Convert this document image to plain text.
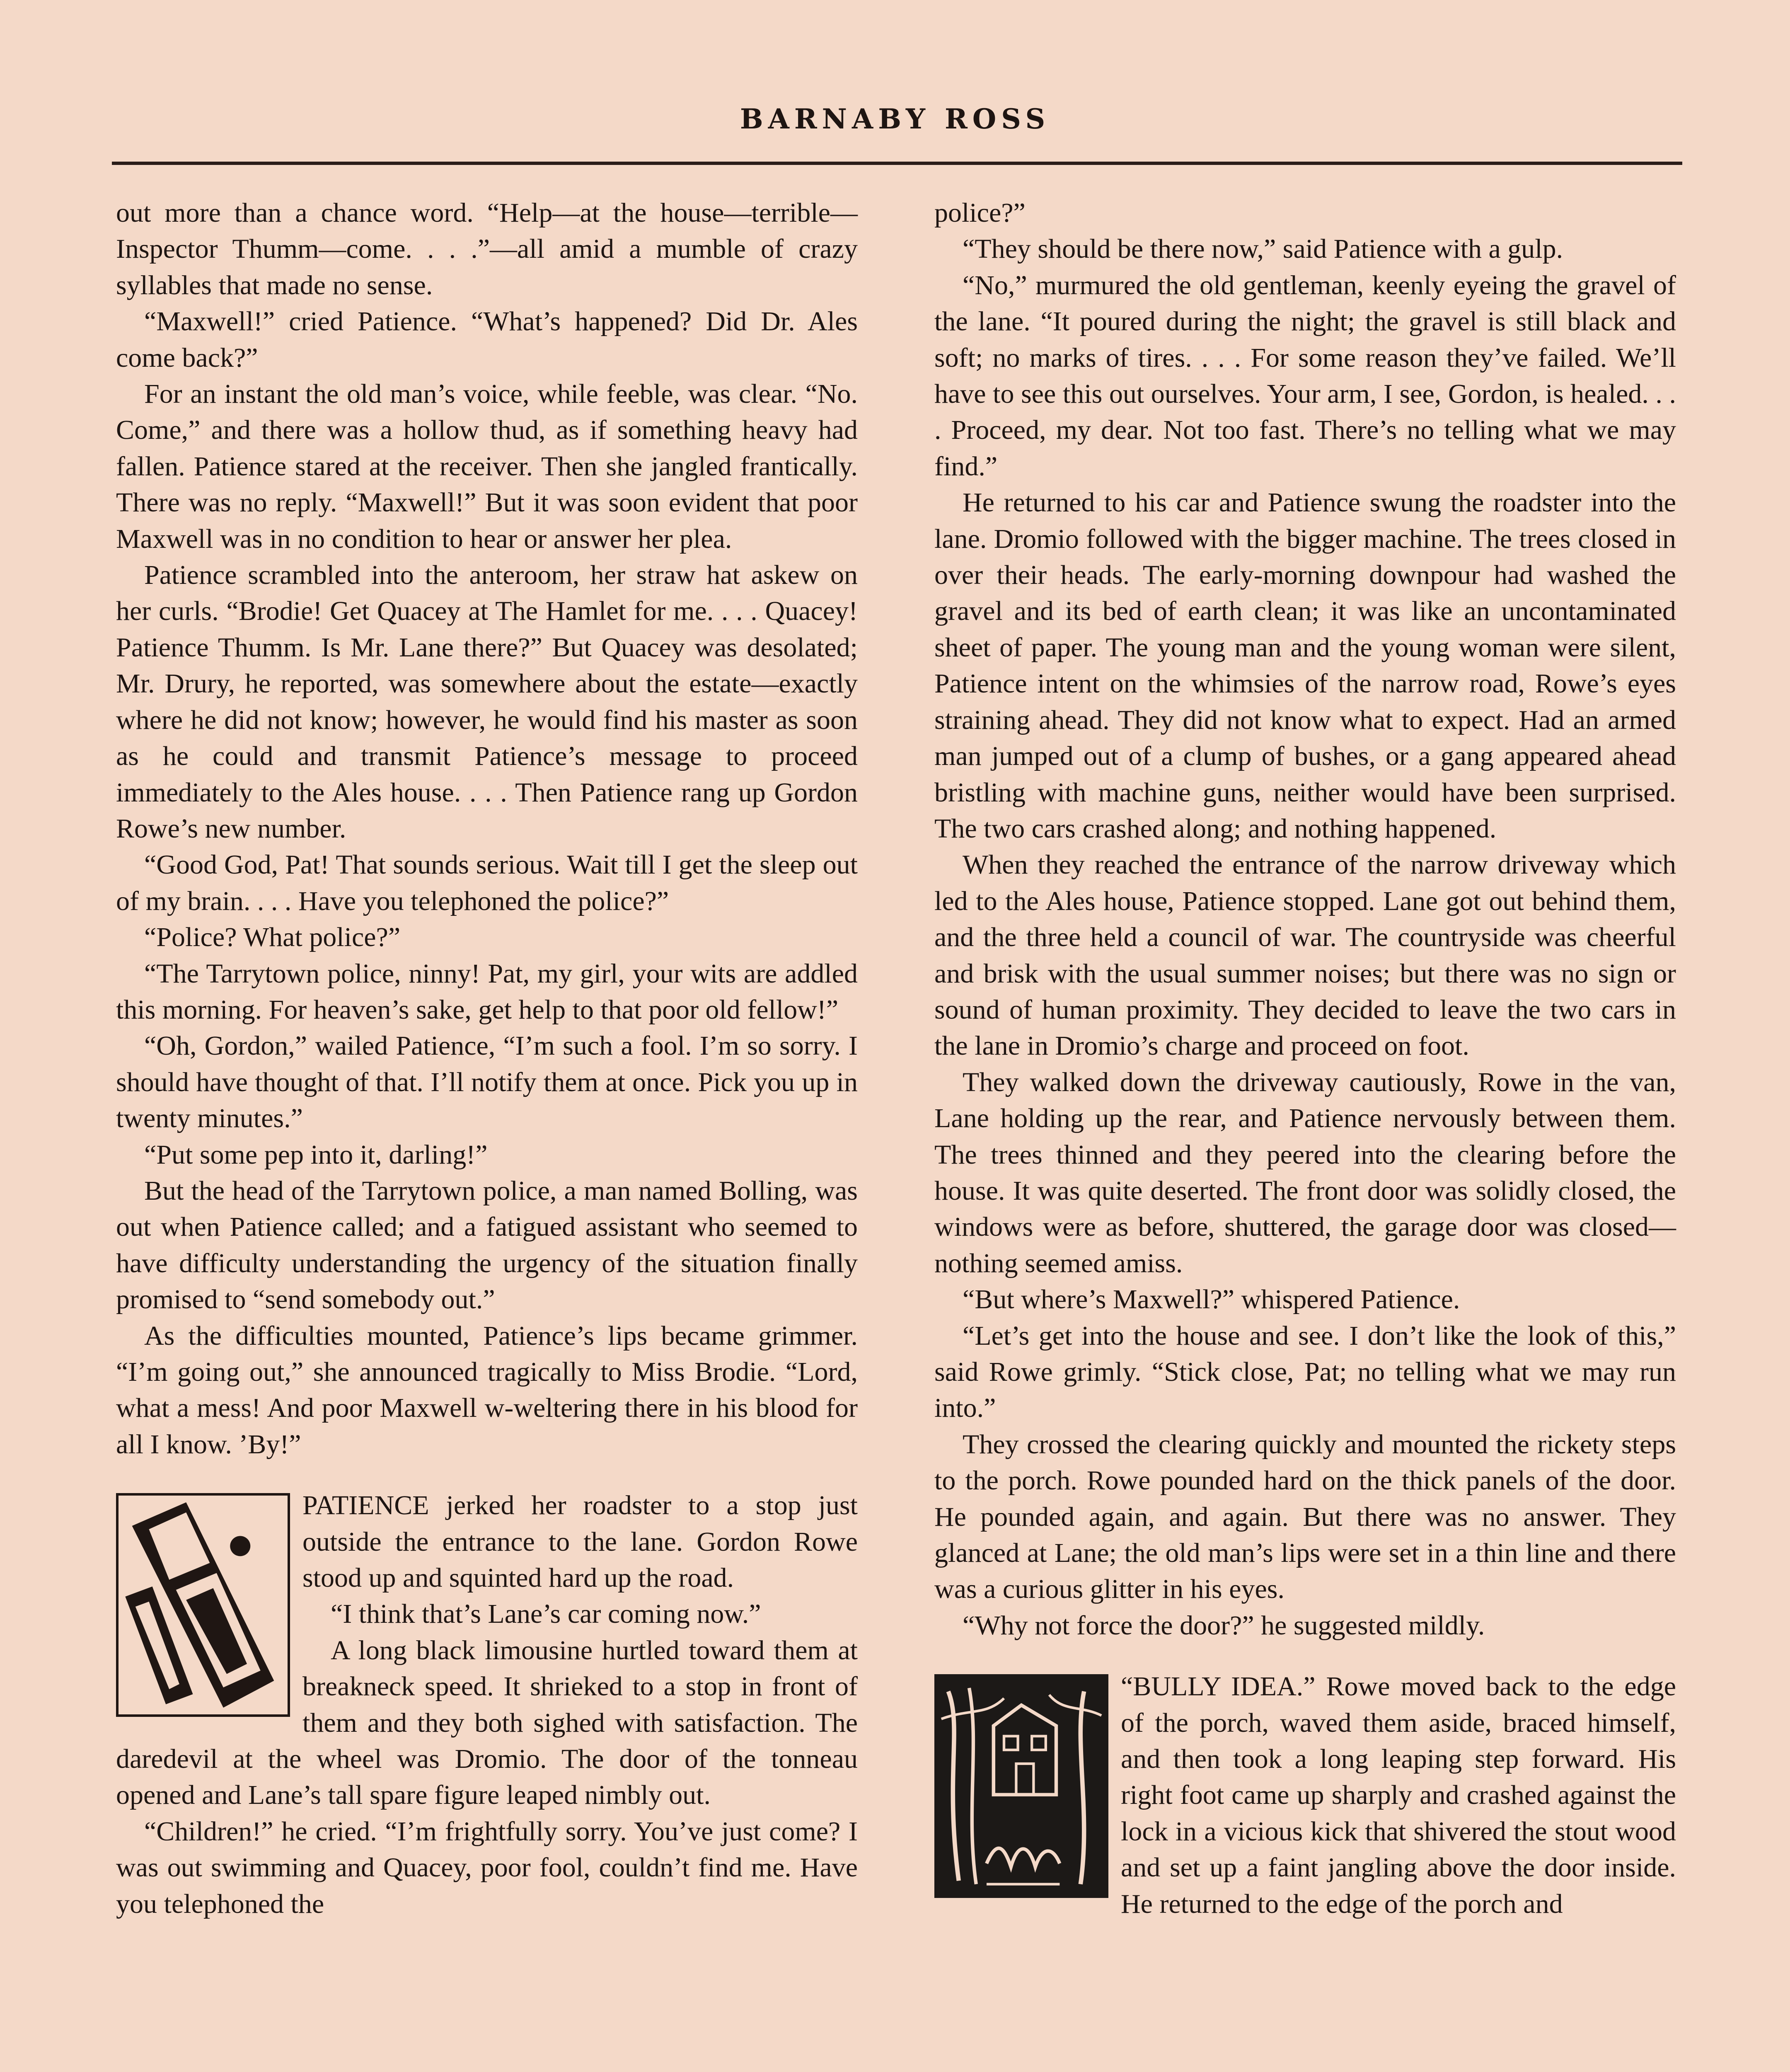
BARNABY ROSS

out more than a chance word. “Help—at the house—terrible—Inspector Thumm—come. . . .”—all amid a mumble of crazy syllables that made no sense.

“Maxwell!” cried Patience. “What’s happened? Did Dr. Ales come back?”

For an instant the old man’s voice, while feeble, was clear. “No. Come,” and there was a hollow thud, as if something heavy had fallen. Patience stared at the receiver. Then she jangled frantically. There was no reply. “Maxwell!” But it was soon evident that poor Maxwell was in no condition to hear or answer her plea.

Patience scrambled into the anteroom, her straw hat askew on her curls. “Brodie! Get Quacey at The Hamlet for me. . . . Quacey! Patience Thumm. Is Mr. Lane there?” But Quacey was desolated; Mr. Drury, he reported, was somewhere about the estate—exactly where he did not know; however, he would find his master as soon as he could and transmit Patience’s message to proceed immediately to the Ales house. . . . Then Patience rang up Gordon Rowe’s new number.

“Good God, Pat! That sounds serious. Wait till I get the sleep out of my brain. . . . Have you telephoned the police?”

“Police? What police?”

“The Tarrytown police, ninny! Pat, my girl, your wits are addled this morning. For heaven’s sake, get help to that poor old fellow!”

“Oh, Gordon,” wailed Patience, “I’m such a fool. I’m so sorry. I should have thought of that. I’ll notify them at once. Pick you up in twenty minutes.”

“Put some pep into it, darling!”

But the head of the Tarrytown police, a man named Bolling, was out when Patience called; and a fatigued assistant who seemed to have difficulty understanding the urgency of the situation finally promised to “send somebody out.”

As the difficulties mounted, Patience’s lips became grimmer. “I’m going out,” she announced tragically to Miss Brodie. “Lord, what a mess! And poor Maxwell w-weltering there in his blood for all I know. ’By!”

PATIENCE jerked her roadster to a stop just outside the entrance to the lane. Gordon Rowe stood up and squinted hard up the road.

“I think that’s Lane’s car coming now.”

A long black limousine hurtled toward them at breakneck speed. It shrieked to a stop in front of them and they both sighed with satisfaction. The daredevil at the wheel was Dromio. The door of the tonneau opened and Lane’s tall spare figure leaped nimbly out.

“Children!” he cried. “I’m frightfully sorry. You’ve just come? I was out swimming and Quacey, poor fool, couldn’t find me. Have you telephoned the

police?”

“They should be there now,” said Patience with a gulp.

“No,” murmured the old gentleman, keenly eyeing the gravel of the lane. “It poured during the night; the gravel is still black and soft; no marks of tires. . . . For some reason they’ve failed. We’ll have to see this out ourselves. Your arm, I see, Gordon, is healed. . . . Proceed, my dear. Not too fast. There’s no telling what we may find.”

He returned to his car and Patience swung the roadster into the lane. Dromio followed with the bigger machine. The trees closed in over their heads. The early-morning downpour had washed the gravel and its bed of earth clean; it was like an uncontaminated sheet of paper. The young man and the young woman were silent, Patience intent on the whimsies of the narrow road, Rowe’s eyes straining ahead. They did not know what to expect. Had an armed man jumped out of a clump of bushes, or a gang appeared ahead bristling with machine guns, neither would have been surprised. The two cars crashed along; and nothing happened.

When they reached the entrance of the narrow driveway which led to the Ales house, Patience stopped. Lane got out behind them, and the three held a council of war. The countryside was cheerful and brisk with the usual summer noises; but there was no sign or sound of human proximity. They decided to leave the two cars in the lane in Dromio’s charge and proceed on foot.

They walked down the driveway cautiously, Rowe in the van, Lane holding up the rear, and Patience nervously between them. The trees thinned and they peered into the clearing before the house. It was quite deserted. The front door was solidly closed, the windows were as before, shuttered, the garage door was closed—nothing seemed amiss.

“But where’s Maxwell?” whispered Patience.

“Let’s get into the house and see. I don’t like the look of this,” said Rowe grimly. “Stick close, Pat; no telling what we may run into.”

They crossed the clearing quickly and mounted the rickety steps to the porch. Rowe pounded hard on the thick panels of the door. He pounded again, and again. But there was no answer. They glanced at Lane; the old man’s lips were set in a thin line and there was a curious glitter in his eyes.

“Why not force the door?” he suggested mildly.

“BULLY IDEA.” Rowe moved back to the edge of the porch, waved them aside, braced himself, and then took a long leaping step forward. His right foot came up sharply and crashed against the lock in a vicious kick that shivered the stout wood and set up a faint jangling above the door inside. He returned to the edge of the porch and
